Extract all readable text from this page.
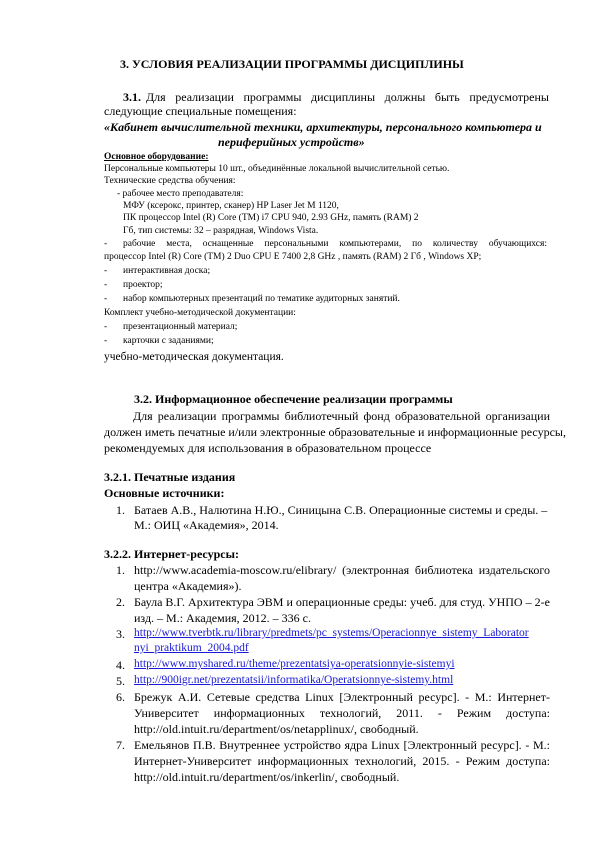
3. УСЛОВИЯ РЕАЛИЗАЦИИ ПРОГРАММЫ ДИСЦИПЛИНЫ
3.1. Для реализации программы дисциплины должны быть предусмотрены
следующие специальные помещения:
«Кабинет вычислительной техники, архитектуры, персонального компьютера и
периферийных устройств»
Основное оборудование:
Персональные компьютеры 10 шт., объединённые локальной вычислительной сетью.
Технические средства обучения:
- рабочее место преподавателя:
МФУ (ксерокс, принтер, сканер) HP Laser Jet M 1120,
ПК процессор Intel (R) Core (TM) i7 CPU 940, 2.93 GHz, память (RAM) 2
Гб, тип системы: 32 – разрядная, Windows Vista.
- рабочие места, оснащенные персональными компьютерами, по количеству обучающихся:
процессор Intel (R) Core (TM) 2 Duo CPU E 7400 2,8 GHz , память (RAM) 2 Гб , Windows XP;
- интерактивная доска;
- проектор;
- набор компьютерных презентаций по тематике аудиторных занятий.
Комплект учебно-методической документации:
- презентационный материал;
- карточки с заданиями;
учебно-методическая документация.
3.2. Информационное обеспечение реализации программы
Для реализации программы библиотечный фонд образовательной организации
должен иметь печатные и/или электронные образовательные и информационные ресурсы,
рекомендуемых для использования в образовательном процессе
3.2.1. Печатные издания
Основные источники:
1. Батаев А.В., Налютина Н.Ю., Синицына С.В. Операционные системы и среды. –
М.: ОИЦ «Академия», 2014.
3.2.2. Интернет-ресурсы:
1. http://www.academia-moscow.ru/elibrary/ (электронная библиотека издательского
центра «Академия»).
2. Баула В.Г. Архитектура ЭВМ и операционные среды: учеб. для студ. УНПО – 2-е
изд. – М.: Академия, 2012. – 336 с.
3. http://www.tverbtk.ru/library/predmets/pc_systems/Operacionnye_sistemy_Laborator
nyi_praktikum_2004.pdf
4. http://www.myshared.ru/theme/prezentatsiya-operatsionnyie-sistemyi
5. http://900igr.net/prezentatsii/informatika/Operatsionnye-sistemy.html
6. Брежук А.И. Сетевые средства Linux [Электронный ресурс]. - М.: Интернет-
Университет информационных технологий, 2011. - Режим доступа:
http://old.intuit.ru/department/os/netapplinux/, свободный.
7. Емельянов П.В. Внутреннее устройство ядра Linux [Электронный ресурс]. - М.:
Интернет-Университет информационных технологий, 2015. - Режим доступа:
http://old.intuit.ru/department/os/inkerlin/, свободный.
